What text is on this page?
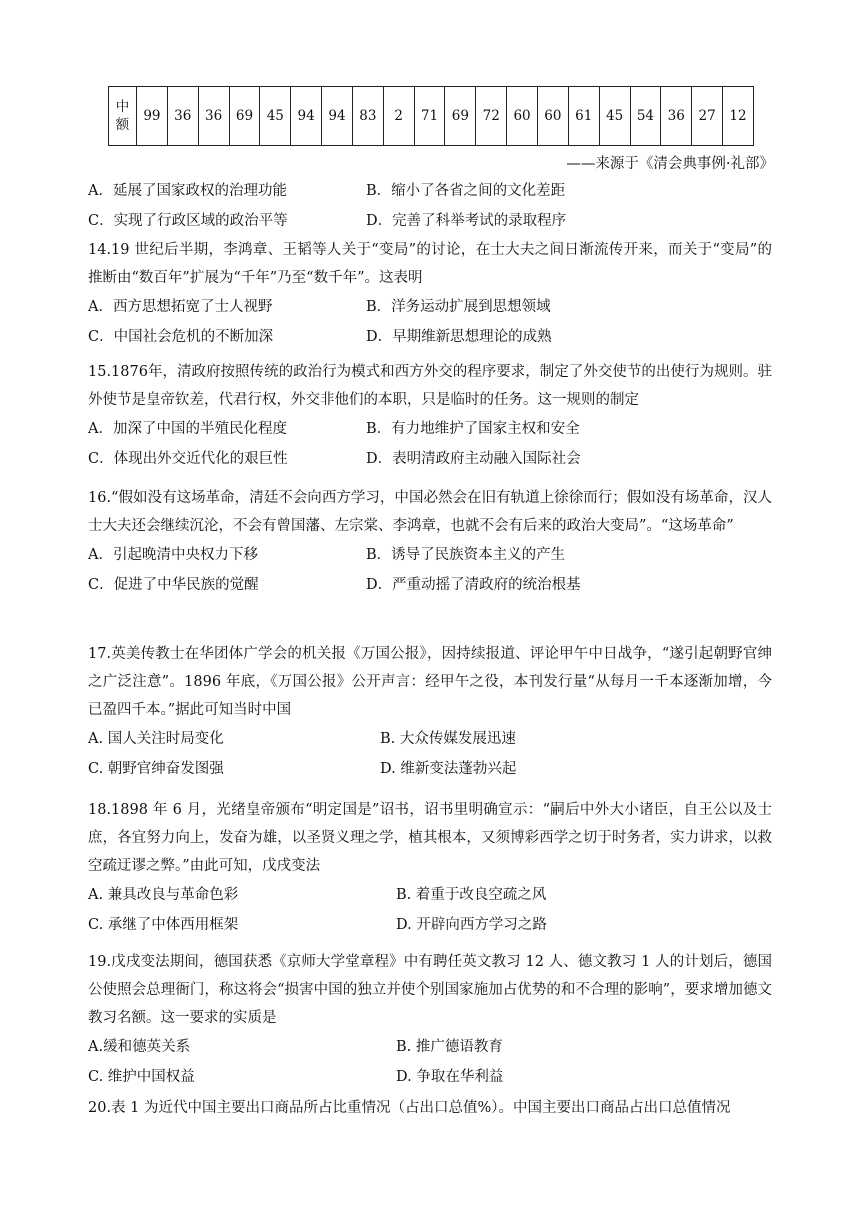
中
额
	99	36	36	69	45	94	94	83	2	71	69	72	60	60	61	45	54	36	27	12
——来源于《清会典事例·礼部》
A．延展了国家政权的治理功能	B．缩小了各省之间的文化差距
C．实现了行政区域的政治平等	D．完善了科举考试的录取程序

14.19 世纪后半期，李鸿章、王韬等人关于“变局”的讨论，在士大夫之间日渐流传开来，而关于“变局”的推断由“数百年”扩展为“千年”乃至“数千年”。这表明

A．西方思想拓宽了士人视野	B．洋务运动扩展到思想领域
C．中国社会危机的不断加深	D．早期维新思想理论的成熟

15.1876年，清政府按照传统的政治行为模式和西方外交的程序要求，制定了外交使节的出使行为规则。驻外使节是皇帝钦差，代君行权，外交非他们的本职，只是临时的任务。这一规则的制定

A．加深了中国的半殖民化程度	B．有力地维护了国家主权和安全
C．体现出外交近代化的艰巨性	D．表明清政府主动融入国际社会

16.“假如没有这场革命，清廷不会向西方学习，中国必然会在旧有轨道上徐徐而行；假如没有场革命，汉人士大夫还会继续沉沦，不会有曾国藩、左宗棠、李鸿章，也就不会有后来的政治大变局”。“这场革命”

A．引起晚清中央权力下移	B．诱导了民族资本主义的产生
C．促进了中华民族的觉醒	D．严重动摇了清政府的统治根基

17.英美传教士在华团体广学会的机关报《万国公报》，因持续报道、评论甲午中日战争，“遂引起朝野官绅之广泛注意”。1896 年底，《万国公报》公开声言：经甲午之役，本刊发行量“从每月一千本逐渐加增，今已盈四千本。”据此可知当时中国

A. 国人关注时局变化	B. 大众传媒发展迅速
C. 朝野官绅奋发图强	D. 维新变法蓬勃兴起

18.1898 年 6 月，光绪皇帝颁布“明定国是”诏书，诏书里明确宣示：“嗣后中外大小诸臣，自王公以及士庶，各宜努力向上，发奋为雄，以圣贤义理之学，植其根本，又须博彩西学之切于时务者，实力讲求，以救空疏迂谬之弊。”由此可知，戊戌变法

A. 兼具改良与革命色彩	B. 着重于改良空疏之风
C. 承继了中体西用框架	D. 开辟向西方学习之路

19.戊戌变法期间，德国获悉《京师大学堂章程》中有聘任英文教习 12 人、德文教习 1 人的计划后，德国公使照会总理衙门，称这将会“损害中国的独立并使个别国家施加占优势的和不合理的影响”，要求增加德文教习名额。这一要求的实质是

A.缓和德英关系	B. 推广德语教育
C. 维护中国权益	D. 争取在华利益

20.表 1 为近代中国主要出口商品所占比重情况（占出口总值%）。中国主要出口商品占出口总值情况
